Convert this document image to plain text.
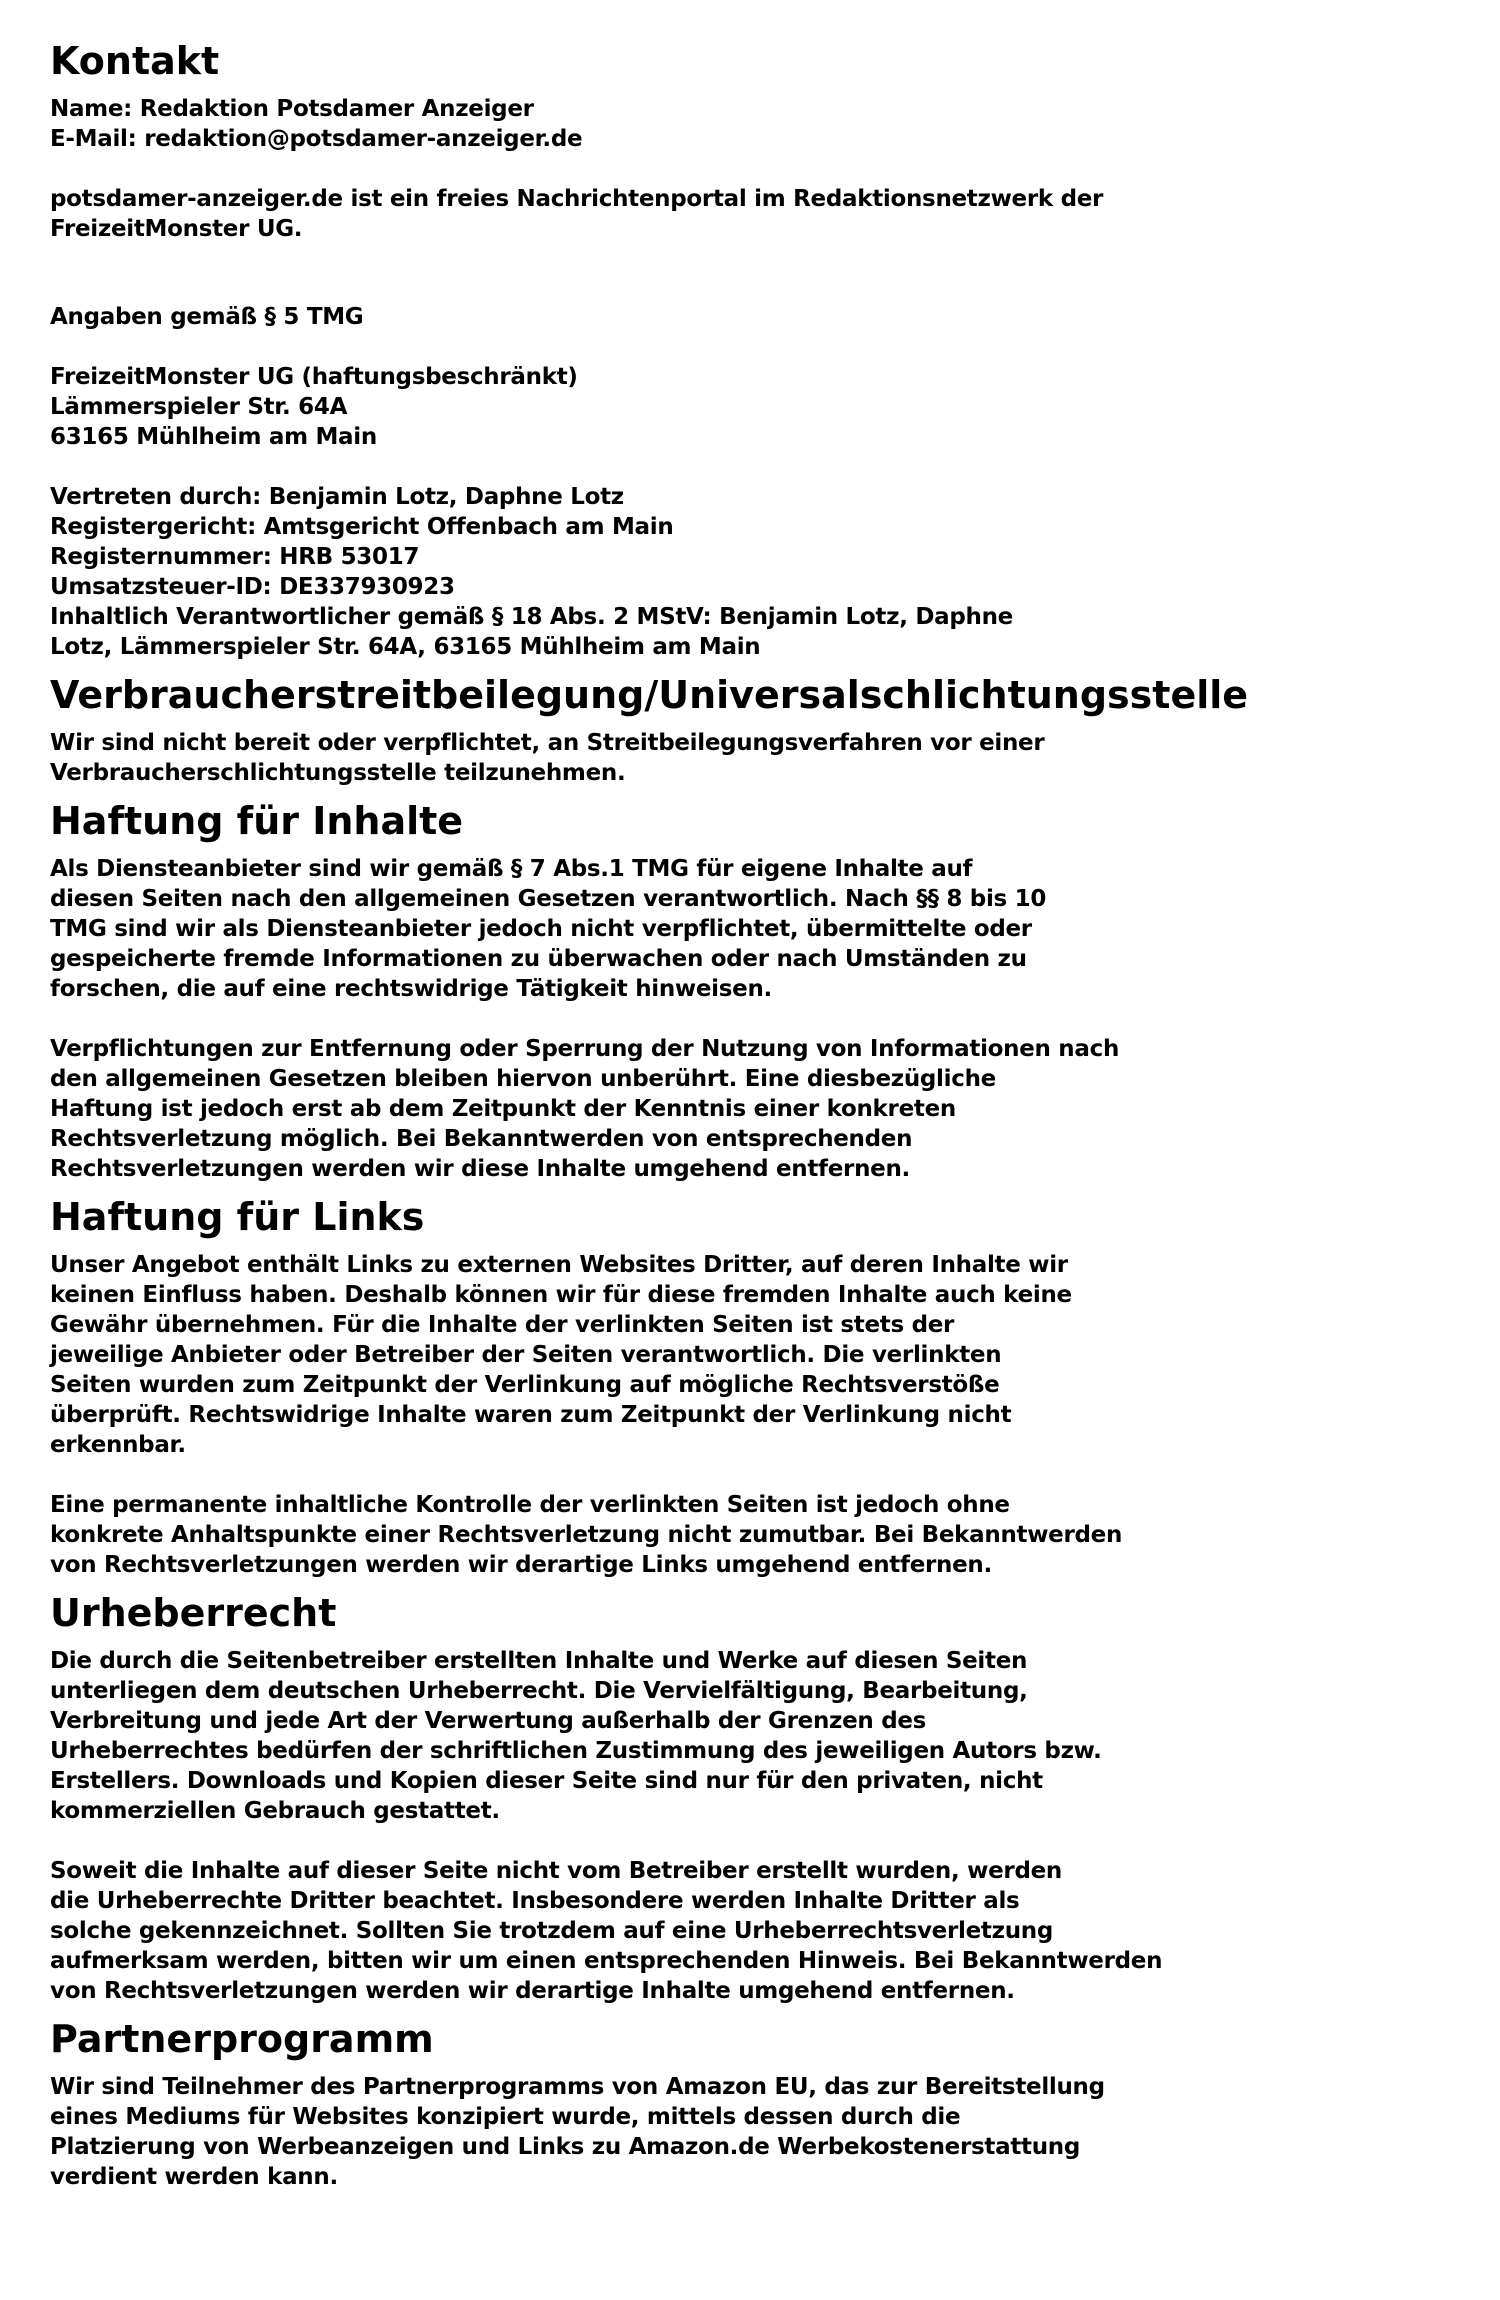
Kontakt

Name: Redaktion Potsdamer Anzeiger
E-Mail: redaktion@potsdamer-anzeiger.de

potsdamer-anzeiger.de ist ein freies Nachrichtenportal im Redaktionsnetzwerk der
FreizeitMonster UG.

Angaben gemäß § 5 TMG

FreizeitMonster UG (haftungsbeschränkt)
Lämmerspieler Str. 64A
63165 Mühlheim am Main

Vertreten durch: Benjamin Lotz, Daphne Lotz
Registergericht: Amtsgericht Offenbach am Main
Registernummer: HRB 53017
Umsatzsteuer-ID: DE337930923
Inhaltlich Verantwortlicher gemäß § 18 Abs. 2 MStV: Benjamin Lotz, Daphne
Lotz, Lämmerspieler Str. 64A, 63165 Mühlheim am Main

Verbraucherstreitbeilegung/Universalschlichtungsstelle

Wir sind nicht bereit oder verpflichtet, an Streitbeilegungsverfahren vor einer
Verbraucherschlichtungsstelle teilzunehmen.

Haftung für Inhalte

Als Diensteanbieter sind wir gemäß § 7 Abs.1 TMG für eigene Inhalte auf
diesen Seiten nach den allgemeinen Gesetzen verantwortlich. Nach §§ 8 bis 10
TMG sind wir als Diensteanbieter jedoch nicht verpflichtet, übermittelte oder
gespeicherte fremde Informationen zu überwachen oder nach Umständen zu
forschen, die auf eine rechtswidrige Tätigkeit hinweisen.

Verpflichtungen zur Entfernung oder Sperrung der Nutzung von Informationen nach
den allgemeinen Gesetzen bleiben hiervon unberührt. Eine diesbezügliche
Haftung ist jedoch erst ab dem Zeitpunkt der Kenntnis einer konkreten
Rechtsverletzung möglich. Bei Bekanntwerden von entsprechenden
Rechtsverletzungen werden wir diese Inhalte umgehend entfernen.

Haftung für Links

Unser Angebot enthält Links zu externen Websites Dritter, auf deren Inhalte wir
keinen Einfluss haben. Deshalb können wir für diese fremden Inhalte auch keine
Gewähr übernehmen. Für die Inhalte der verlinkten Seiten ist stets der
jeweilige Anbieter oder Betreiber der Seiten verantwortlich. Die verlinkten
Seiten wurden zum Zeitpunkt der Verlinkung auf mögliche Rechtsverstöße
überprüft. Rechtswidrige Inhalte waren zum Zeitpunkt der Verlinkung nicht
erkennbar.

Eine permanente inhaltliche Kontrolle der verlinkten Seiten ist jedoch ohne
konkrete Anhaltspunkte einer Rechtsverletzung nicht zumutbar. Bei Bekanntwerden
von Rechtsverletzungen werden wir derartige Links umgehend entfernen.

Urheberrecht

Die durch die Seitenbetreiber erstellten Inhalte und Werke auf diesen Seiten
unterliegen dem deutschen Urheberrecht. Die Vervielfältigung, Bearbeitung,
Verbreitung und jede Art der Verwertung außerhalb der Grenzen des
Urheberrechtes bedürfen der schriftlichen Zustimmung des jeweiligen Autors bzw.
Erstellers. Downloads und Kopien dieser Seite sind nur für den privaten, nicht
kommerziellen Gebrauch gestattet.

Soweit die Inhalte auf dieser Seite nicht vom Betreiber erstellt wurden, werden
die Urheberrechte Dritter beachtet. Insbesondere werden Inhalte Dritter als
solche gekennzeichnet. Sollten Sie trotzdem auf eine Urheberrechtsverletzung
aufmerksam werden, bitten wir um einen entsprechenden Hinweis. Bei Bekanntwerden
von Rechtsverletzungen werden wir derartige Inhalte umgehend entfernen.

Partnerprogramm

Wir sind Teilnehmer des Partnerprogramms von Amazon EU, das zur Bereitstellung
eines Mediums für Websites konzipiert wurde, mittels dessen durch die
Platzierung von Werbeanzeigen und Links zu Amazon.de Werbekostenerstattung
verdient werden kann.
